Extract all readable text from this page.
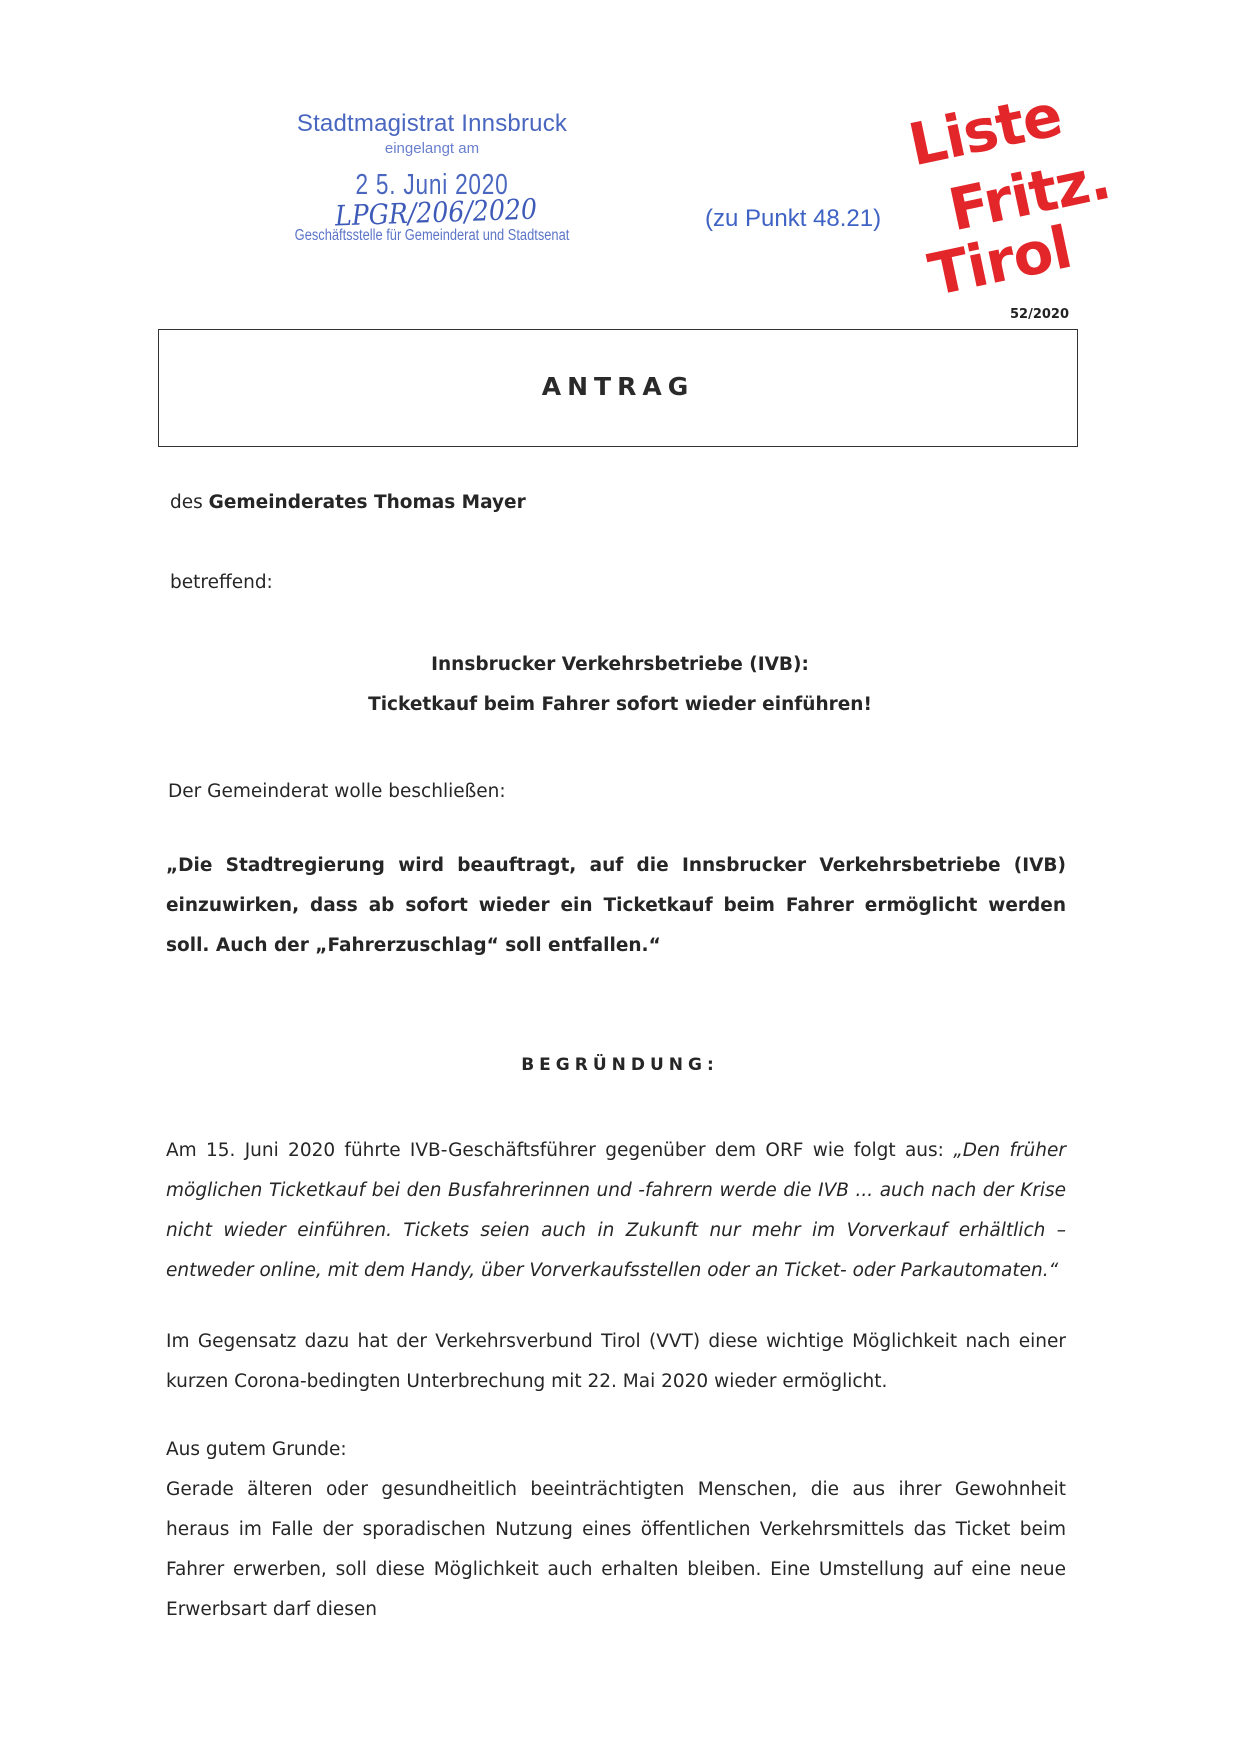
Stadtmagistrat Innsbruck
eingelangt am
2 5. Juni 2020
LPGR/206/2020
Geschäftsstelle für Gemeinderat und Stadtsenat
(zu Punkt 48.21)
Liste
Fritz.
Tirol
52/2020
ANTRAG
des Gemeinderates Thomas Mayer
betreffend:
Innsbrucker Verkehrsbetriebe (IVB):
Ticketkauf beim Fahrer sofort wieder einführen!
Der Gemeinderat wolle beschließen:
„Die Stadtregierung wird beauftragt, auf die Innsbrucker Verkehrsbetriebe (IVB) einzuwirken, dass ab sofort wieder ein Ticketkauf beim Fahrer ermöglicht werden soll. Auch der „Fahrerzuschlag“ soll entfallen.“
BEGRÜNDUNG:
Am 15. Juni 2020 führte IVB-Geschäftsführer gegenüber dem ORF wie folgt aus: „Den früher möglichen Ticketkauf bei den Busfahrerinnen und -fahrern werde die IVB ... auch nach der Krise nicht wieder einführen. Tickets seien auch in Zukunft nur mehr im Vorverkauf erhältlich – entweder online, mit dem Handy, über Vorverkaufsstellen oder an Ticket- oder Parkautomaten.“
Im Gegensatz dazu hat der Verkehrsverbund Tirol (VVT) diese wichtige Möglichkeit nach einer kurzen Corona-bedingten Unterbrechung mit 22. Mai 2020 wieder ermöglicht.
Aus gutem Grunde:
Gerade älteren oder gesundheitlich beeinträchtigten Menschen, die aus ihrer Gewohnheit heraus im Falle der sporadischen Nutzung eines öffentlichen Verkehrsmittels das Ticket beim Fahrer erwerben, soll diese Möglichkeit auch erhalten bleiben. Eine Umstellung auf eine neue Erwerbsart darf diesen
